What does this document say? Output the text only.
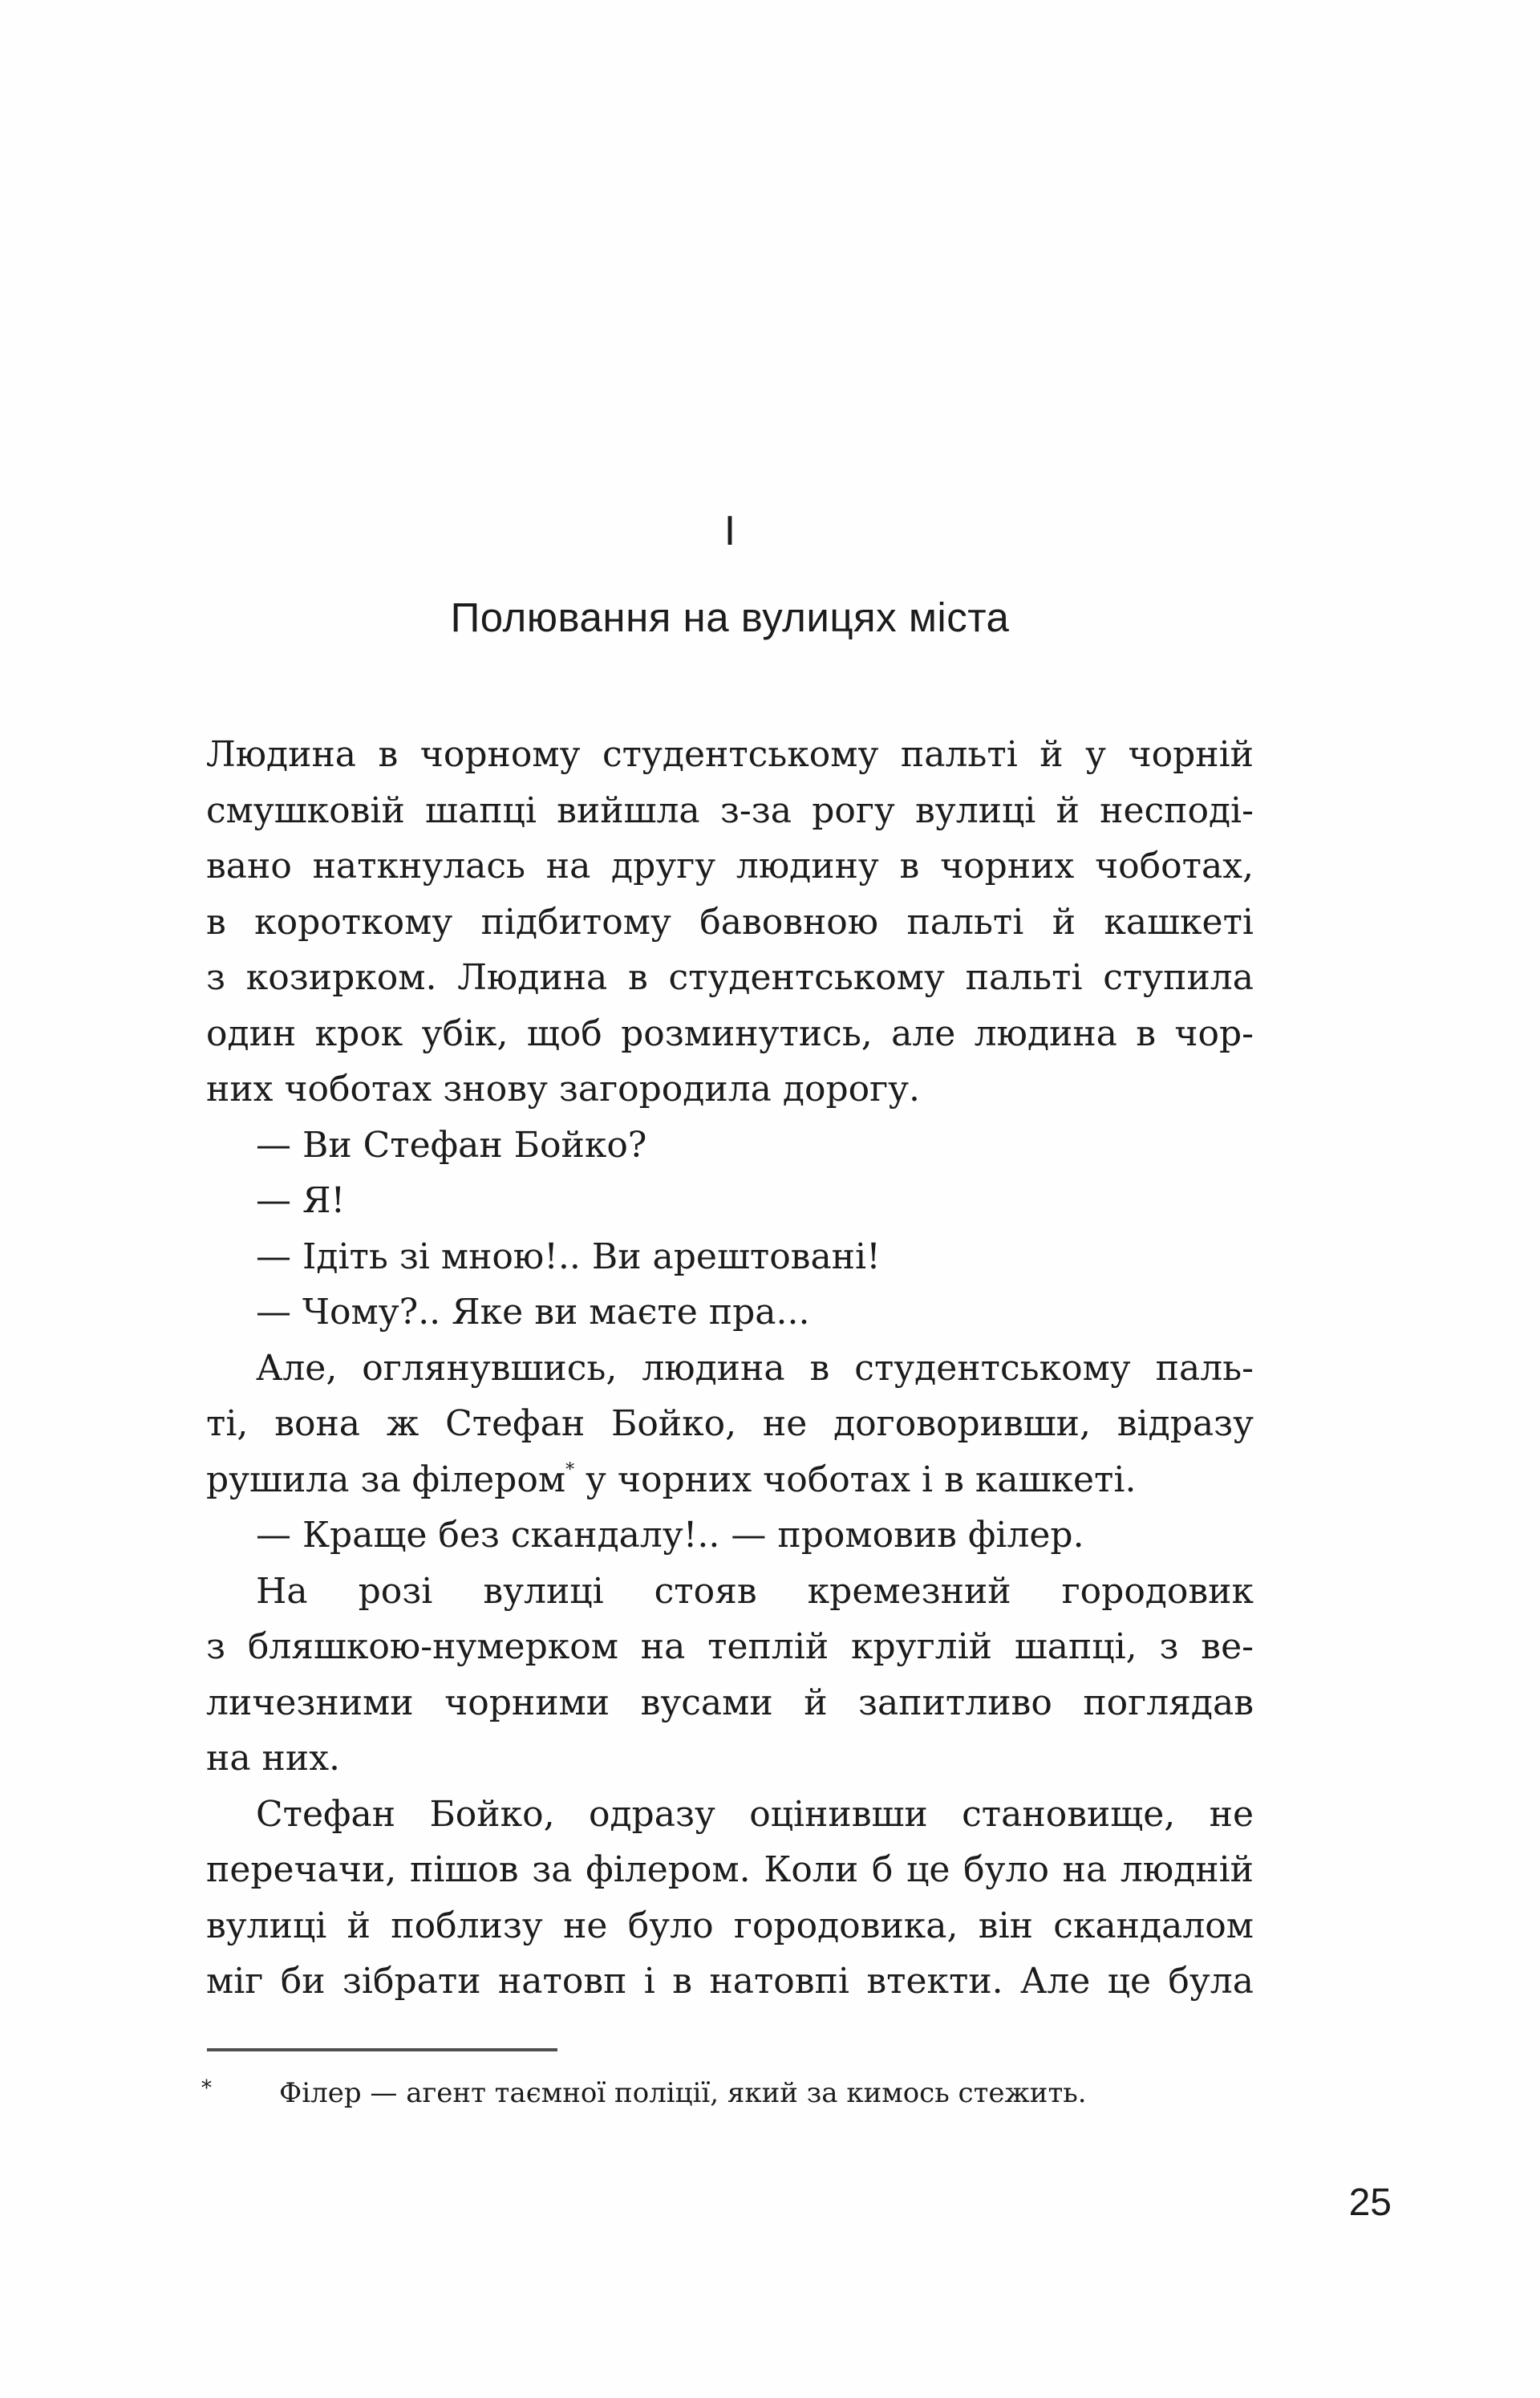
І
Полювання на вулицях міста
Людина в чорному студентському пальті й у чорній
смушковій шапці вийшла з-за рогу вулиці й несподі-
вано наткнулась на другу людину в чорних чоботах,
в короткому підбитому бавовною пальті й кашкеті
з козирком. Людина в студентському пальті ступила
один крок убік, щоб розминутись, але людина в чор-
них чоботах знову загородила дорогу.
— Ви Стефан Бойко?
— Я!
— Ідіть зі мною!.. Ви арештовані!
— Чому?.. Яке ви маєте пра...
Але, оглянувшись, людина в студентському паль-
ті, вона ж Стефан Бойко, не договоривши, відразу
рушила за філером* у чорних чоботах і в кашкеті.
— Краще без скандалу!.. — промовив філер.
На розі вулиці стояв кремезний городовик
з бляшкою-нумерком на теплій круглій шапці, з ве-
личезними чорними вусами й запитливо поглядав
на них.
Стефан Бойко, одразу оцінивши становище, не
перечачи, пішов за філером. Коли б це було на людній
вулиці й поблизу не було городовика, він скандалом
міг би зібрати натовп і в натовпі втекти. Але це була
* Філер — агент таємної поліції, який за кимось стежить.
25
